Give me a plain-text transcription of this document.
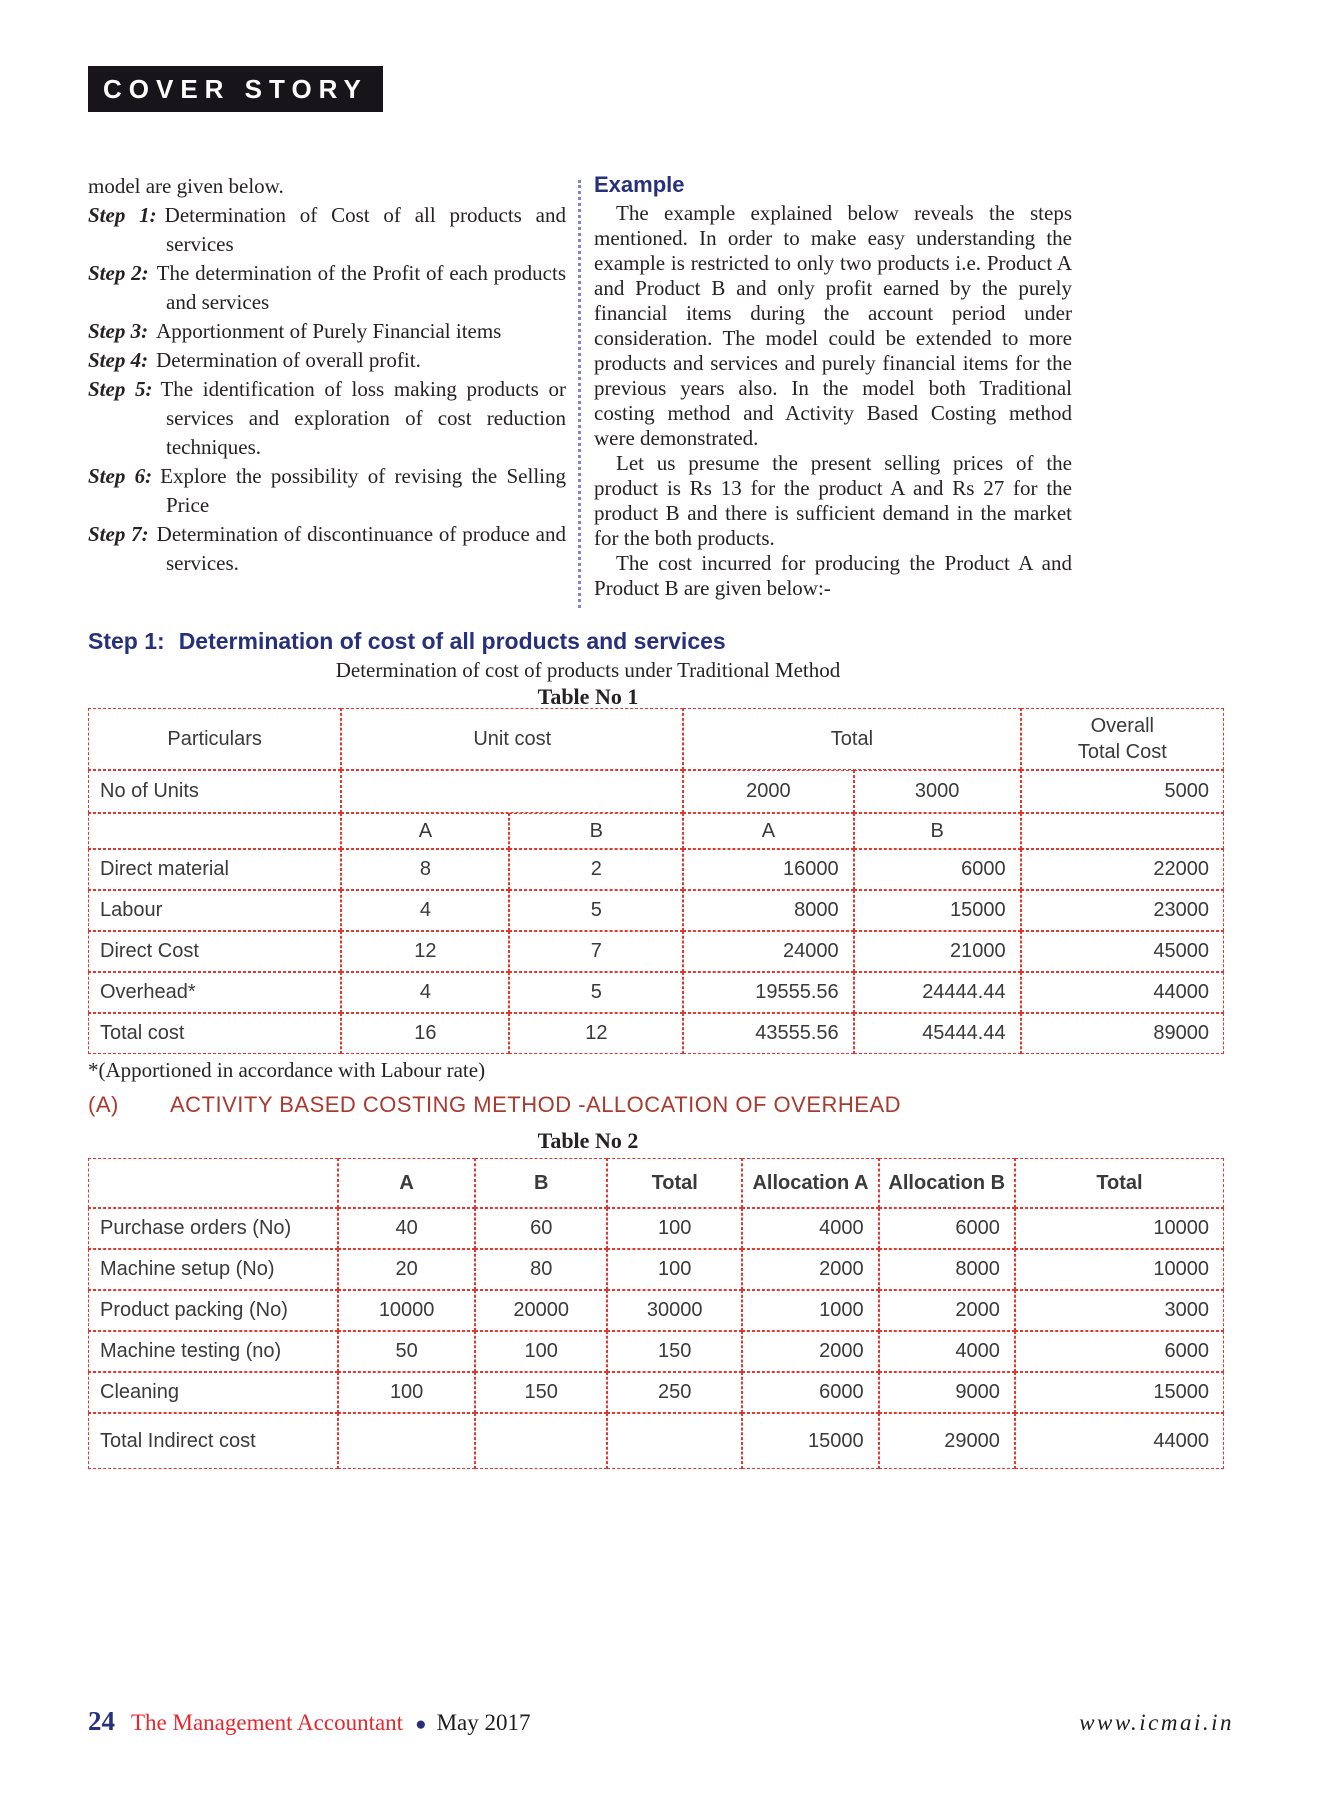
COVER STORY

model are given below.

Step 1: Determination of Cost of all products and services

Step 2: The determination of the Profit of each products and services

Step 3: Apportionment of Purely Financial items

Step 4: Determination of overall profit.

Step 5: The identification of loss making products or services and exploration of cost reduction techniques.

Step 6: Explore the possibility of revising the Selling Price

Step 7: Determination of discontinuance of produce and services.

Example

The example explained below reveals the steps mentioned. In order to make easy understanding the example is restricted to only two products i.e. Product A and Product B and only profit earned by the purely financial items during the account period under consideration. The model could be extended to more products and services and purely financial items for the previous years also. In the model both Traditional costing method and Activity Based Costing method were demonstrated.

Let us presume the present selling prices of the product is Rs 13 for the product A and Rs 27 for the product B and there is sufficient demand in the market for the both products.

The cost incurred for producing the Product A and Product B are given below:-

Step 1: Determination of cost of all products and services

Determination of cost of products under Traditional Method

Table No 1

Particulars	Unit cost		Total		Overall
Total Cost

No of Units			2000	3000	5000
	A	B	A	B	
Direct material	8	2	16000	6000	22000
Labour	4	5	8000	15000	23000
Direct Cost	12	7	24000	21000	45000
Overhead*	4	5	19555.56	24444.44	44000
Total cost	16	12	43555.56	45444.44	89000

*(Apportioned in accordance with Labour rate)

(A) ACTIVITY BASED COSTING METHOD -ALLOCATION OF OVERHEAD

Table No 2

	A	B	Total	Allocation A	Allocation B	Total
Purchase orders (No)	40	60	100	4000	6000	10000
Machine setup (No)	20	80	100	2000	8000	10000
Product packing (No)	10000	20000	30000	1000	2000	3000
Machine testing (no)	50	100	150	2000	4000	6000
Cleaning	100	150	250	6000	9000	15000
Total Indirect cost				15000	29000	44000
24 The Management Accountant ● May 2017	www.icmai.in
